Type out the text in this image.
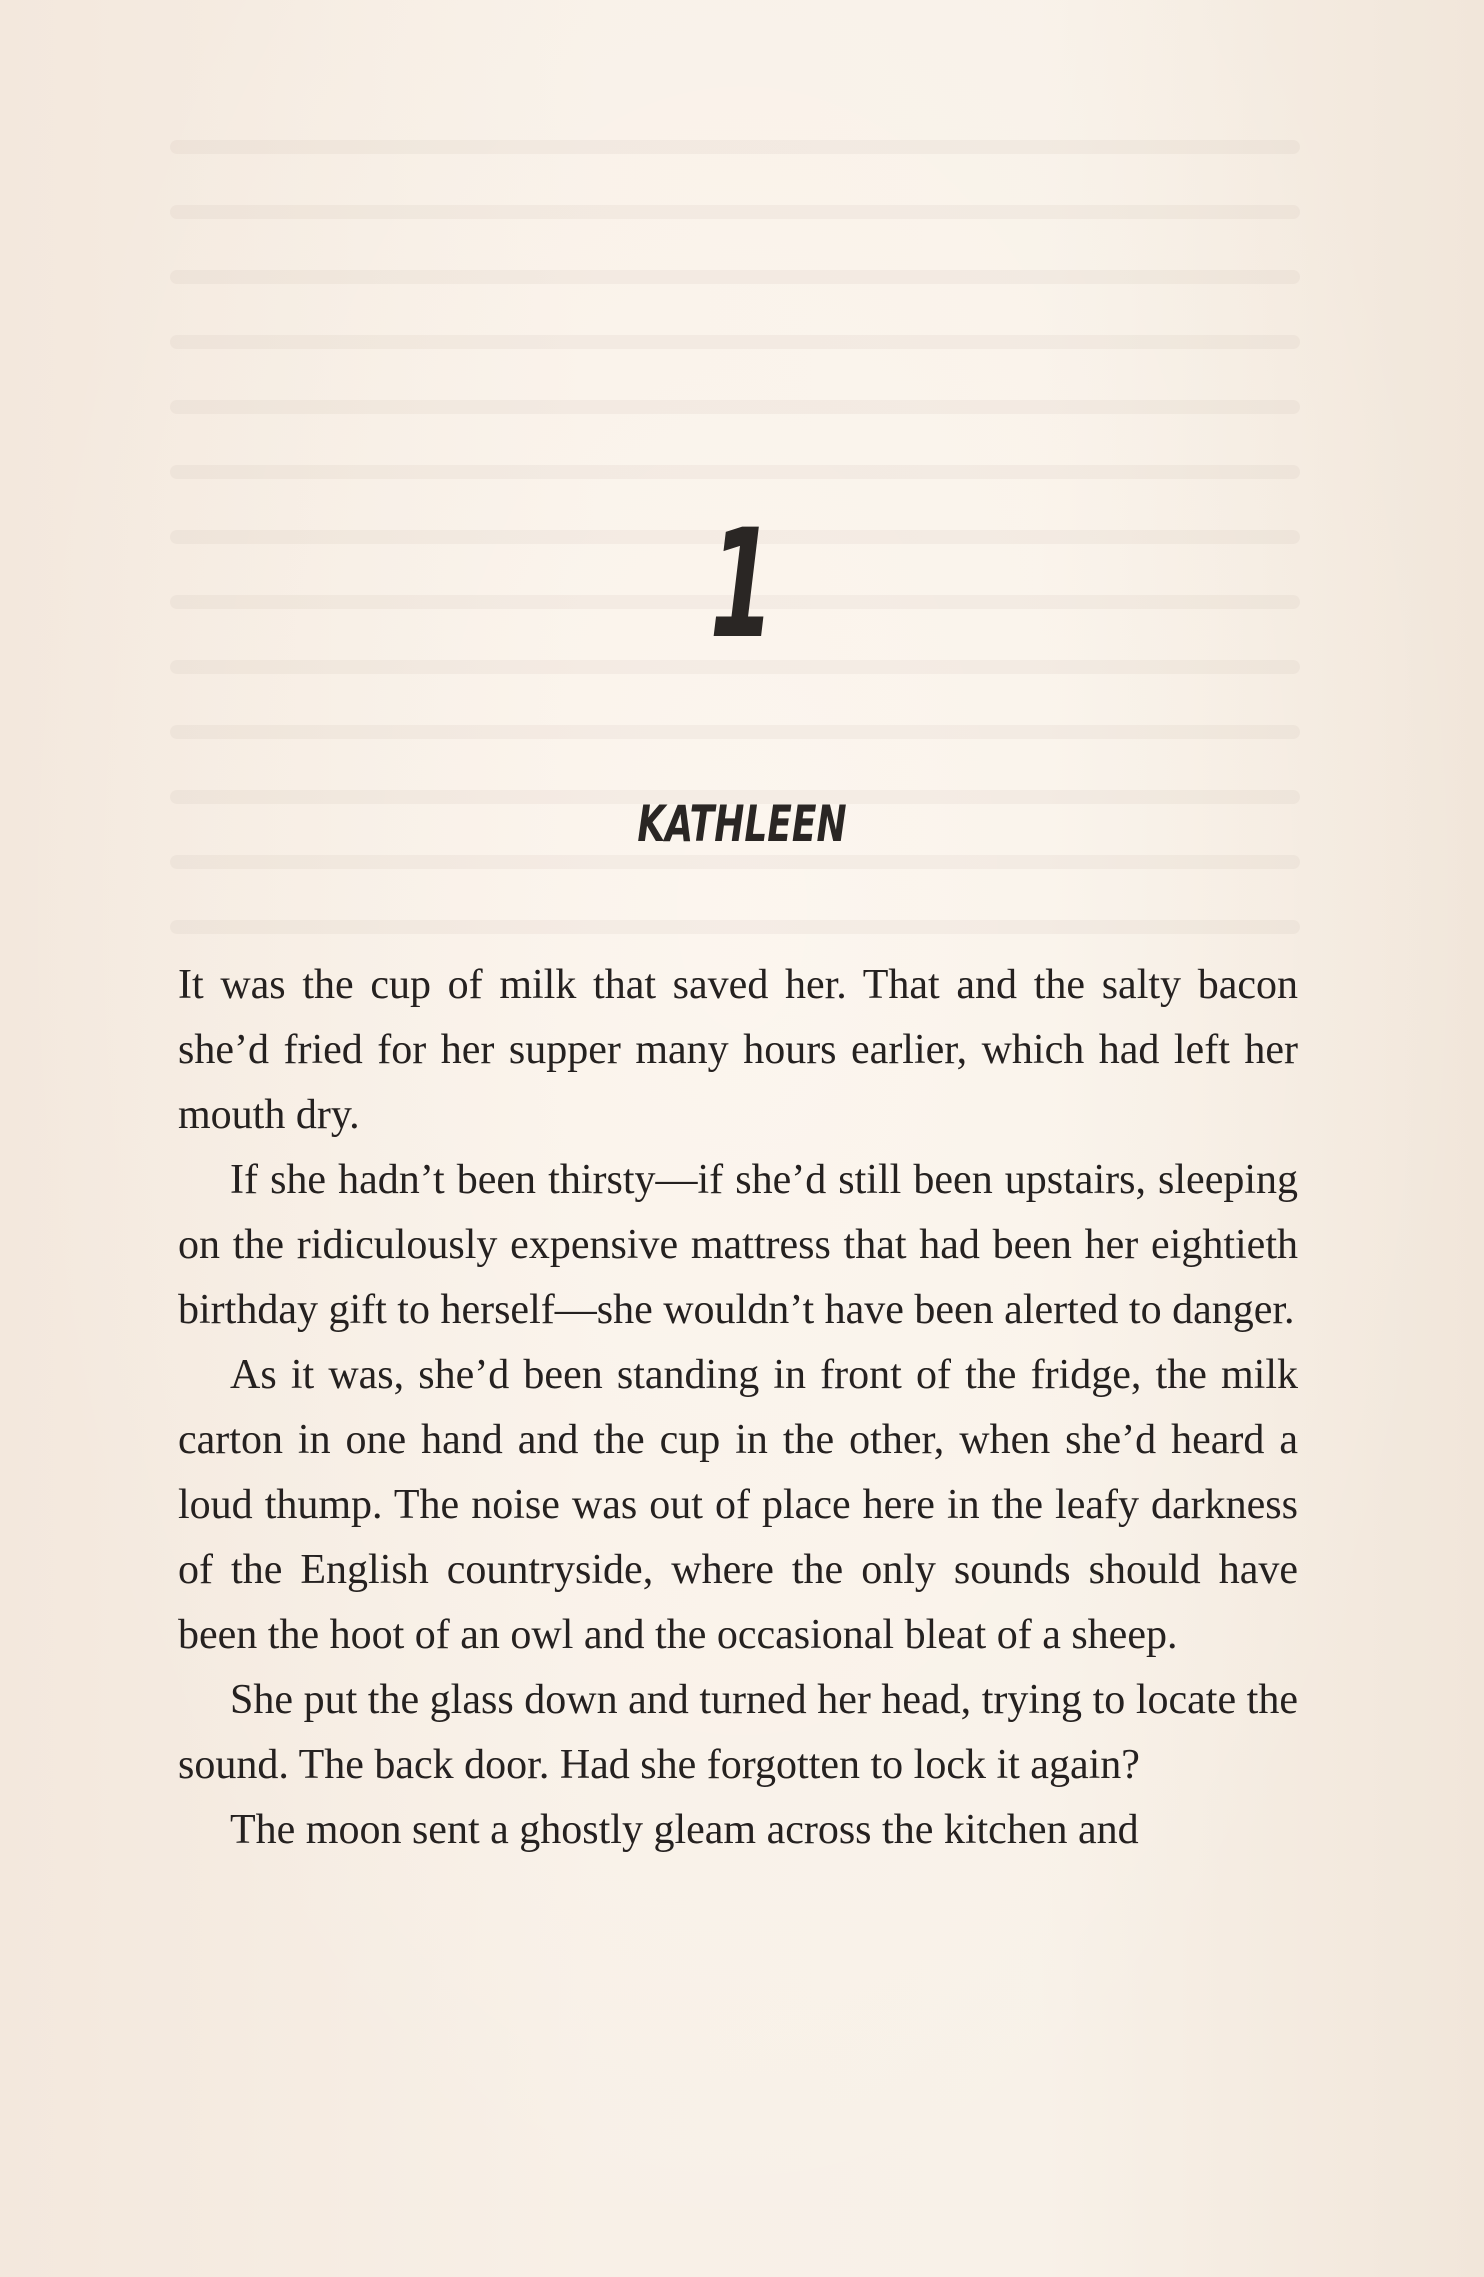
1
KATHLEEN

It was the cup of milk that saved her. That and the salty bacon she’d fried for her supper many hours earlier, which had left her mouth dry.

If she hadn’t been thirsty—if she’d still been upstairs, sleeping on the ridiculously expensive mattress that had been her eightieth birthday gift to herself—she wouldn’t have been alerted to danger.

As it was, she’d been standing in front of the fridge, the milk carton in one hand and the cup in the other, when she’d heard a loud thump. The noise was out of place here in the leafy darkness of the English countryside, where the only sounds should have been the hoot of an owl and the occasional bleat of a sheep.

She put the glass down and turned her head, trying to locate the sound. The back door. Had she forgotten to lock it again?

The moon sent a ghostly gleam across the kitchen and
